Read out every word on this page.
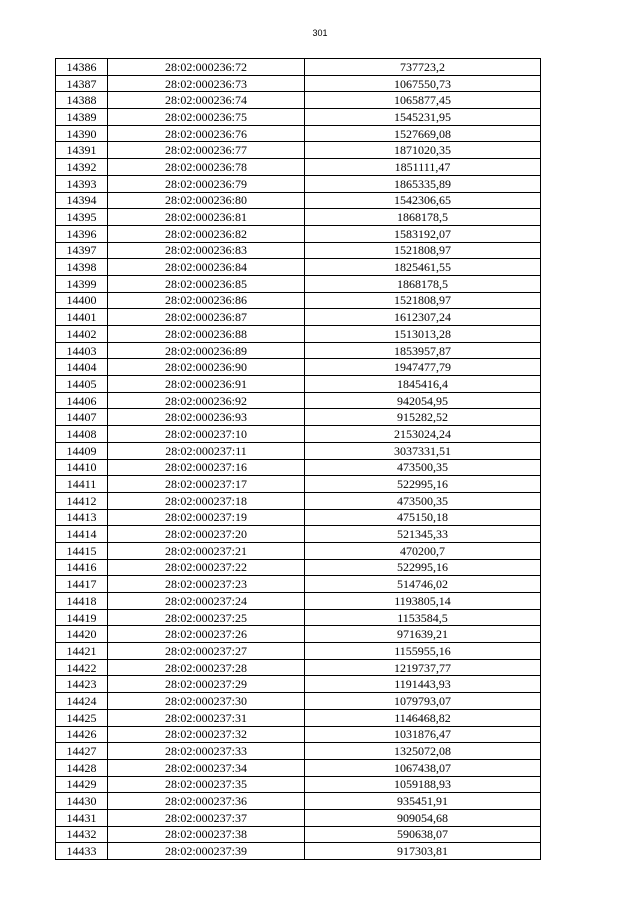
301
14386	28:02:000236:72	737723,2
14387	28:02:000236:73	1067550,73
14388	28:02:000236:74	1065877,45
14389	28:02:000236:75	1545231,95
14390	28:02:000236:76	1527669,08
14391	28:02:000236:77	1871020,35
14392	28:02:000236:78	1851111,47
14393	28:02:000236:79	1865335,89
14394	28:02:000236:80	1542306,65
14395	28:02:000236:81	1868178,5
14396	28:02:000236:82	1583192,07
14397	28:02:000236:83	1521808,97
14398	28:02:000236:84	1825461,55
14399	28:02:000236:85	1868178,5
14400	28:02:000236:86	1521808,97
14401	28:02:000236:87	1612307,24
14402	28:02:000236:88	1513013,28
14403	28:02:000236:89	1853957,87
14404	28:02:000236:90	1947477,79
14405	28:02:000236:91	1845416,4
14406	28:02:000236:92	942054,95
14407	28:02:000236:93	915282,52
14408	28:02:000237:10	2153024,24
14409	28:02:000237:11	3037331,51
14410	28:02:000237:16	473500,35
14411	28:02:000237:17	522995,16
14412	28:02:000237:18	473500,35
14413	28:02:000237:19	475150,18
14414	28:02:000237:20	521345,33
14415	28:02:000237:21	470200,7
14416	28:02:000237:22	522995,16
14417	28:02:000237:23	514746,02
14418	28:02:000237:24	1193805,14
14419	28:02:000237:25	1153584,5
14420	28:02:000237:26	971639,21
14421	28:02:000237:27	1155955,16
14422	28:02:000237:28	1219737,77
14423	28:02:000237:29	1191443,93
14424	28:02:000237:30	1079793,07
14425	28:02:000237:31	1146468,82
14426	28:02:000237:32	1031876,47
14427	28:02:000237:33	1325072,08
14428	28:02:000237:34	1067438,07
14429	28:02:000237:35	1059188,93
14430	28:02:000237:36	935451,91
14431	28:02:000237:37	909054,68
14432	28:02:000237:38	590638,07
14433	28:02:000237:39	917303,81
